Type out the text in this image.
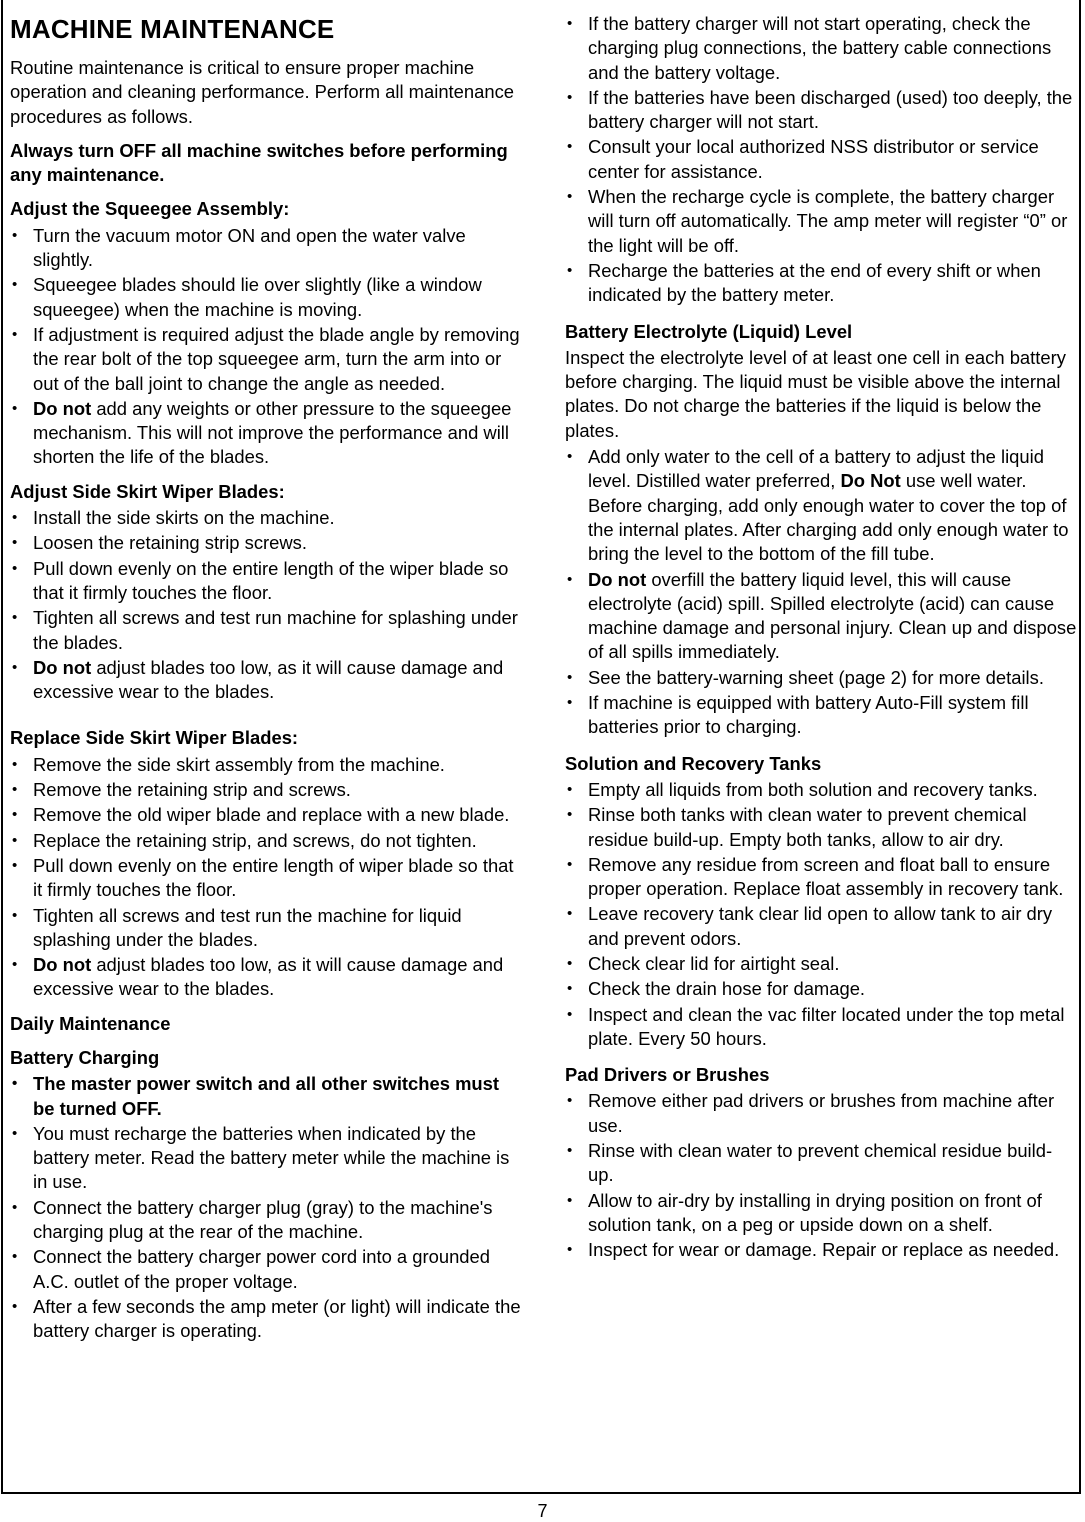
MACHINE MAINTENANCE

Routine maintenance is critical to ensure proper machine operation and cleaning performance. Perform all maintenance procedures as follows.

Always turn OFF all machine switches before performing any maintenance.

Adjust the Squeegee Assembly:
• Turn the vacuum motor ON and open the water valve slightly.
• Squeegee blades should lie over slightly (like a window squeegee) when the machine is moving.
• If adjustment is required adjust the blade angle by removing the rear bolt of the top squeegee arm, turn the arm into or out of the ball joint to change the angle as needed.
• Do not add any weights or other pressure to the squeegee mechanism. This will not improve the performance and will shorten the life of the blades.
Adjust Side Skirt Wiper Blades:
• Install the side skirts on the machine.
• Loosen the retaining strip screws.
• Pull down evenly on the entire length of the wiper blade so that it firmly touches the floor.
• Tighten all screws and test run machine for splashing under the blades.
• Do not adjust blades too low, as it will cause damage and excessive wear to the blades.
Replace Side Skirt Wiper Blades:
• Remove the side skirt assembly from the machine.
• Remove the retaining strip and screws.
• Remove the old wiper blade and replace with a new blade.
• Replace the retaining strip, and screws, do not tighten.
• Pull down evenly on the entire length of wiper blade so that it firmly touches the floor.
• Tighten all screws and test run the machine for liquid splashing under the blades.
• Do not adjust blades too low, as it will cause damage and excessive wear to the blades.

Daily Maintenance

Battery Charging
• The master power switch and all other switches must be turned OFF.
• You must recharge the batteries when indicated by the battery meter. Read the battery meter while the machine is in use.
• Connect the battery charger plug (gray) to the machine's charging plug at the rear of the machine.
• Connect the battery charger power cord into a grounded A.C. outlet of the proper voltage.
• After a few seconds the amp meter (or light) will indicate the battery charger is operating.
• If the battery charger will not start operating, check the charging plug connections, the battery cable connections and the battery voltage.
• If the batteries have been discharged (used) too deeply, the battery charger will not start.
• Consult your local authorized NSS distributor or service center for assistance.
• When the recharge cycle is complete, the battery charger will turn off automatically. The amp meter will register “0” or the light will be off.
• Recharge the batteries at the end of every shift or when indicated by the battery meter.
Battery Electrolyte (Liquid) Level

Inspect the electrolyte level of at least one cell in each battery before charging. The liquid must be visible above the internal plates. Do not charge the batteries if the liquid is below the plates.

• Add only water to the cell of a battery to adjust the liquid level. Distilled water preferred, Do Not use well water. Before charging, add only enough water to cover the top of the internal plates. After charging add only enough water to bring the level to the bottom of the fill tube.
• Do not overfill the battery liquid level, this will cause electrolyte (acid) spill. Spilled electrolyte (acid) can cause machine damage and personal injury. Clean up and dispose of all spills immediately.
• See the battery-warning sheet (page 2) for more details.
• If machine is equipped with battery Auto-Fill system fill batteries prior to charging.
Solution and Recovery Tanks
• Empty all liquids from both solution and recovery tanks.
• Rinse both tanks with clean water to prevent chemical residue build-up. Empty both tanks, allow to air dry.
• Remove any residue from screen and float ball to ensure proper operation. Replace float assembly in recovery tank.
• Leave recovery tank clear lid open to allow tank to air dry and prevent odors.
• Check clear lid for airtight seal.
• Check the drain hose for damage.
• Inspect and clean the vac filter located under the top metal plate. Every 50 hours.
Pad Drivers or Brushes
• Remove either pad drivers or brushes from machine after use.
• Rinse with clean water to prevent chemical residue build-up.
• Allow to air-dry by installing in drying position on front of solution tank, on a peg or upside down on a shelf.
• Inspect for wear or damage. Repair or replace as needed.
7
